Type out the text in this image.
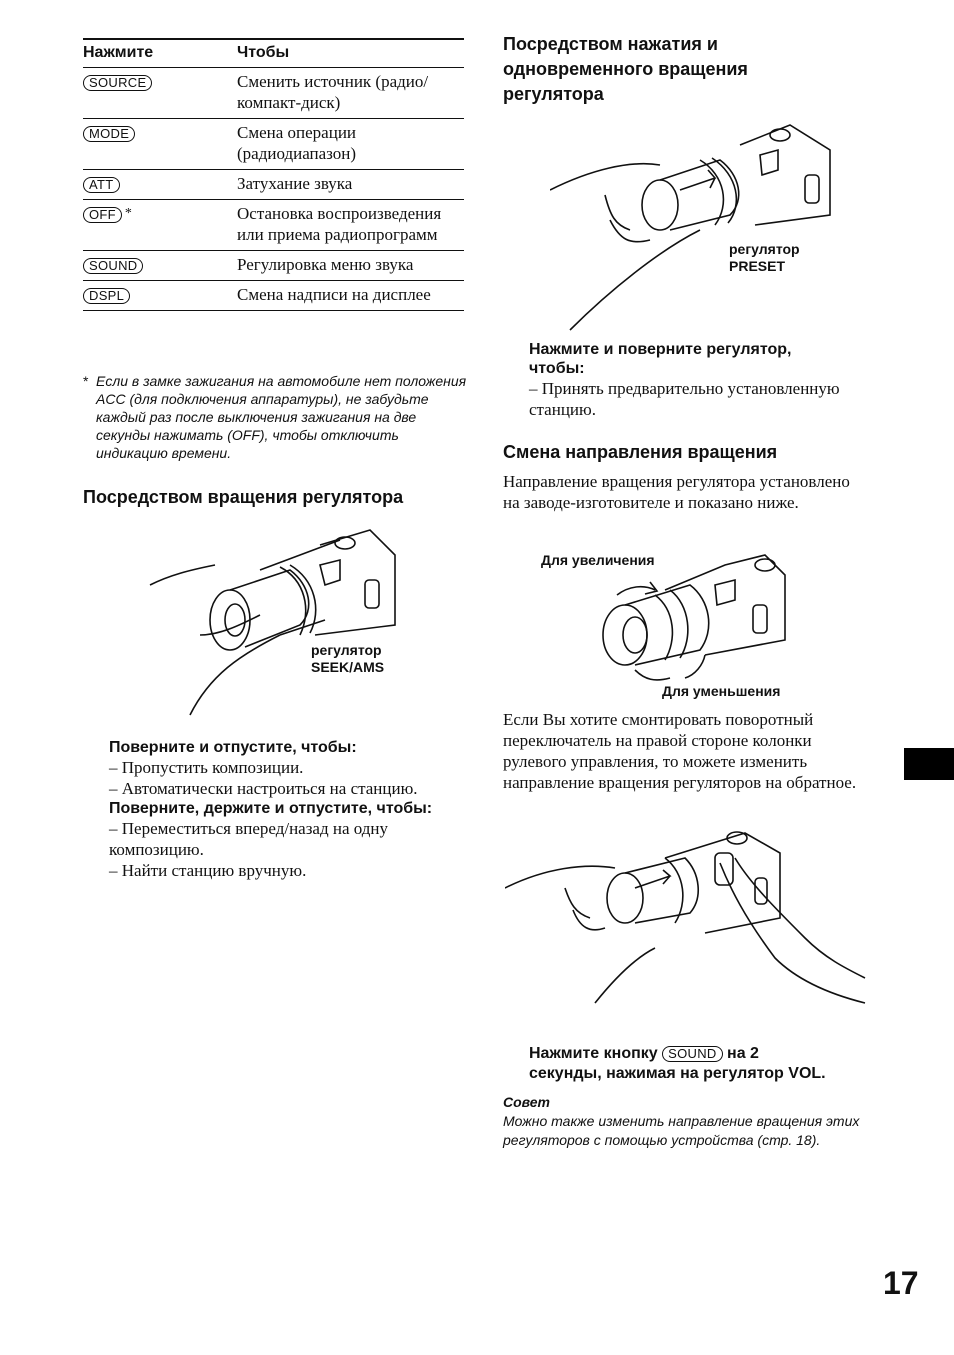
Нажмите	Чтобы
SOURCE	Сменить источник (радио/компакт-диск)
MODE	Смена операции (радиодиапазон)
ATT	Затухание звука
OFF *	Остановка воспроизведения или приема радиопрограмм
SOUND	Регулировка меню звука
DSPL	Смена надписи на дисплее
* Если в замке зажигания на автомобиле нет положения ACC (для подключения аппаратуры), не забудьте каждый раз после выключения зажигания на две секунды нажимать (OFF), чтобы отключить индикацию времени.
Посредством вращения регулятора
регулятор
SEEK/AMS
Поверните и отпустите, чтобы:
– Пропустить композиции.
– Автоматически настроиться на станцию.
Поверните, держите и отпустите, чтобы:
– Переместиться вперед/назад на одну композицию.
– Найти станцию вручную.
Посредством нажатия и одновременного вращения регулятора
регулятор
PRESET
Нажмите и поверните регулятор, чтобы:
– Принять предварительно установленную станцию.
Смена направления вращения
Направление вращения регулятора установлено на заводе-изготовителе и показано ниже.
Для увеличения
Для уменьшения
Если Вы хотите смонтировать поворотный переключатель на правой стороне колонки рулевого управления, то можете изменить направление вращения регуляторов на обратное.
Нажмите кнопку SOUND на 2
секунды, нажимая на регулятор VOL.
Совет
Можно также изменить направление вращения этих регуляторов с помощью устройства (стр. 18).
17
